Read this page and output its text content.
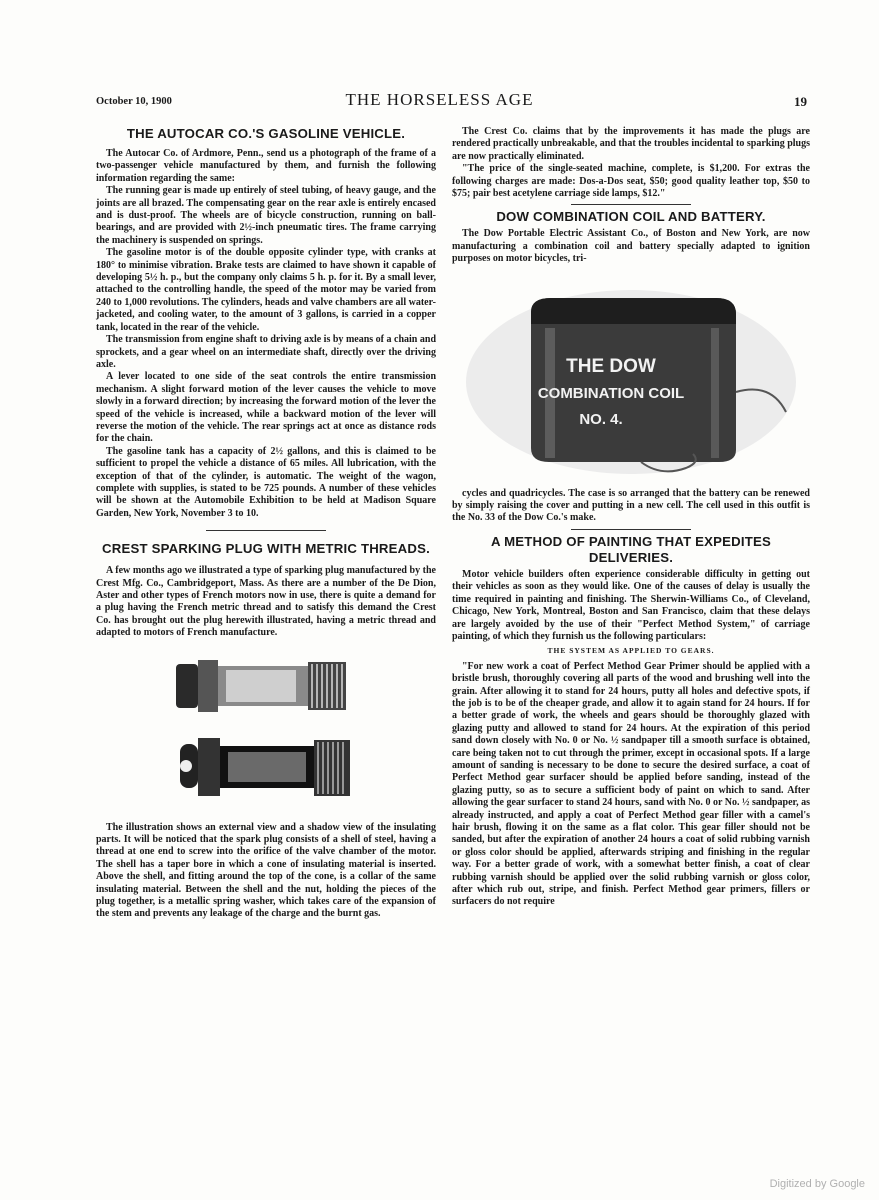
October 10, 1900	THE HORSELESS AGE	19
THE AUTOCAR CO.'S GASOLINE VEHICLE.

The Autocar Co. of Ardmore, Penn., send us a photograph of the frame of a two-passenger vehicle manufactured by them, and furnish the following information regarding the same:

The running gear is made up entirely of steel tubing, of heavy gauge, and the joints are all brazed. The compensating gear on the rear axle is entirely encased and is dust-proof. The wheels are of bicycle construction, running on ball-bearings, and are provided with 2½-inch pneumatic tires. The frame carrying the machinery is suspended on springs.

The gasoline motor is of the double opposite cylinder type, with cranks at 180° to minimise vibration. Brake tests are claimed to have shown it capable of developing 5½ h. p., but the company only claims 5 h. p. for it. By a small lever, attached to the controlling handle, the speed of the motor may be varied from 240 to 1,000 revolutions. The cylinders, heads and valve chambers are all water-jacketed, and cooling water, to the amount of 3 gallons, is carried in a copper tank, located in the rear of the vehicle.

The transmission from engine shaft to driving axle is by means of a chain and sprockets, and a gear wheel on an intermediate shaft, directly over the driving axle.

A lever located to one side of the seat controls the entire transmission mechanism. A slight forward motion of the lever causes the vehicle to move slowly in a forward direction; by increasing the forward motion of the lever the speed of the vehicle is increased, while a backward motion of the lever will reverse the motion of the vehicle. The rear springs act at once as distance rods for the chain.

The gasoline tank has a capacity of 2½ gallons, and this is claimed to be sufficient to propel the vehicle a distance of 65 miles. All lubrication, with the exception of that of the cylinder, is automatic. The weight of the wagon, complete with supplies, is stated to be 725 pounds. A number of these vehicles will be shown at the Automobile Exhibition to be held at Madison Square Garden, New York, November 3 to 10.

CREST SPARKING PLUG WITH METRIC THREADS.

A few months ago we illustrated a type of sparking plug manufactured by the Crest Mfg. Co., Cambridgeport, Mass. As there are a number of the De Dion, Aster and other types of French motors now in use, there is quite a demand for a plug having the French metric thread and to satisfy this demand the Crest Co. has brought out the plug herewith illustrated, having a metric thread and adapted to motors of French manufacture.

The illustration shows an external view and a shadow view of the insulating parts. It will be noticed that the spark plug consists of a shell of steel, having a thread at one end to screw into the orifice of the valve chamber of the motor. The shell has a taper bore in which a cone of insulating material is inserted. Above the shell, and fitting around the top of the cone, is a collar of the same insulating material. Between the shell and the nut, holding the pieces of the plug together, is a metallic spring washer, which takes care of the expansion of the stem and prevents any leakage of the charge and the burnt gas.

The Crest Co. claims that by the improvements it has made the plugs are rendered practically unbreakable, and that the troubles incidental to sparking plugs are now practically eliminated.

"The price of the single-seated machine, complete, is $1,200. For extras the following charges are made: Dos-a-Dos seat, $50; good quality leather top, $50 to $75; pair best acetylene carriage side lamps, $12."

DOW COMBINATION COIL AND BATTERY.

The Dow Portable Electric Assistant Co., of Boston and New York, are now manufacturing a combination coil and battery specially adapted to ignition purposes on motor bicycles, tri-

THE DOW
COMBINATION COIL
NO. 4.

cycles and quadricycles. The case is so arranged that the battery can be renewed by simply raising the cover and putting in a new cell. The cell used in this outfit is the No. 33 of the Dow Co.'s make.

A METHOD OF PAINTING THAT EXPEDITES DELIVERIES.

Motor vehicle builders often experience considerable difficulty in getting out their vehicles as soon as they would like. One of the causes of delay is usually the time required in painting and finishing. The Sherwin-Williams Co., of Cleveland, Chicago, New York, Montreal, Boston and San Francisco, claim that these delays are largely avoided by the use of their "Perfect Method System," of carriage painting, of which they furnish us the following particulars:

THE SYSTEM AS APPLIED TO GEARS.

"For new work a coat of Perfect Method Gear Primer should be applied with a bristle brush, thoroughly covering all parts of the wood and brushing well into the grain. After allowing it to stand for 24 hours, putty all holes and defective spots, if the job is to be of the cheaper grade, and allow it to again stand for 24 hours. If for a better grade of work, the wheels and gears should be thoroughly glazed with glazing putty and allowed to stand for 24 hours. At the expiration of this period sand down closely with No. 0 or No. ½ sandpaper till a smooth surface is obtained, care being taken not to cut through the primer, except in occasional spots. If a large amount of sanding is necessary to be done to secure the desired surface, a coat of Perfect Method gear surfacer should be applied before sanding, instead of the glazing putty, so as to secure a sufficient body of paint on which to sand. After allowing the gear surfacer to stand 24 hours, sand with No. 0 or No. ½ sandpaper, as already instructed, and apply a coat of Perfect Method gear filler with a camel's hair brush, flowing it on the same as a flat color. This gear filler should not be sanded, but after the expiration of another 24 hours a coat of solid rubbing varnish or gloss color should be applied, afterwards striping and finishing in the regular way. For a better grade of work, with a somewhat better finish, a coat of clear rubbing varnish should be applied over the solid rubbing varnish or gloss color, after which rub out, stripe, and finish. Perfect Method gear primers, fillers or surfacers do not require

Digitized by Google
